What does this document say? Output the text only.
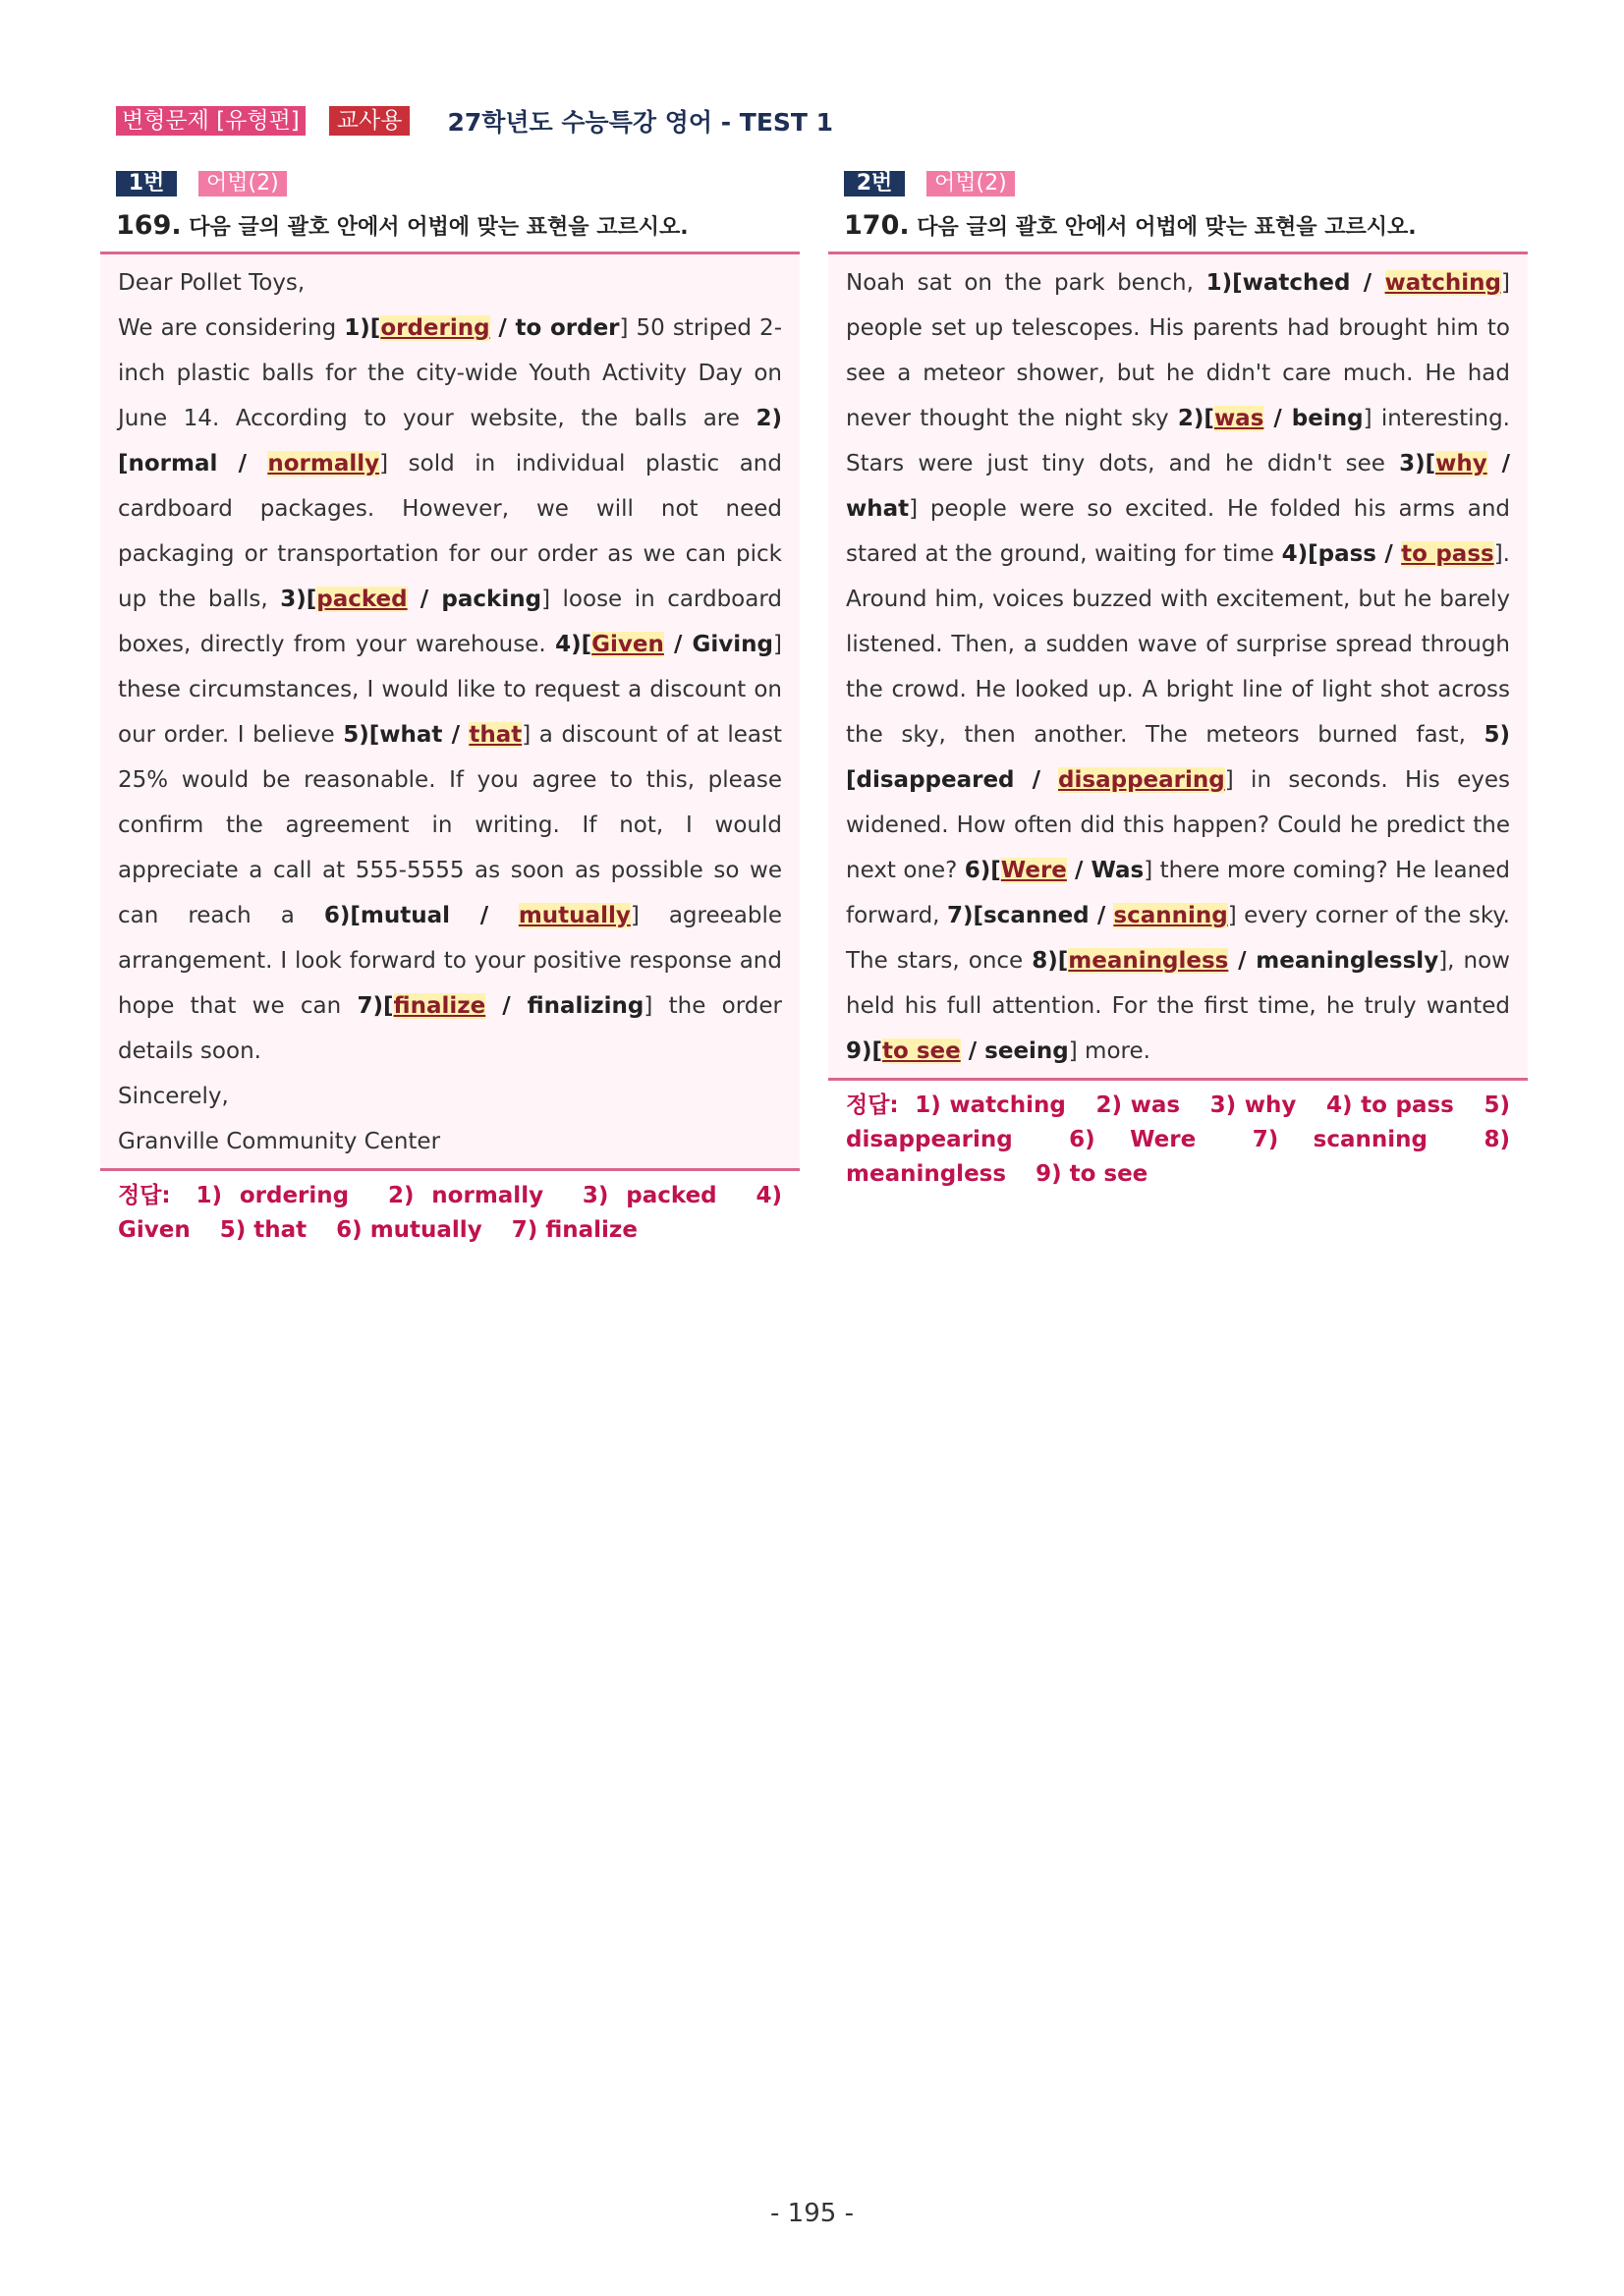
변형문제 [유형편]	교사용	27학년도 수능특강 영어 - TEST 1
1번	어법(2)
169. 다음 글의 괄호 안에서 어법에 맞는 표현을 고르시오.

Dear Pollet Toys,

We are considering 1)[ordering / to order] 50 striped 2-inch plastic balls for the city-wide Youth Activity Day on June 14. According to your website, the balls are 2)[normal / normally] sold in individual plastic and cardboard packages. However, we will not need packaging or transportation for our order as we can pick up the balls, 3)[packed / packing] loose in cardboard boxes, directly from your warehouse. 4)[Given / Giving] these circumstances, I would like to request a discount on our order. I believe 5)[what / that] a discount of at least 25% would be reasonable. If you agree to this, please confirm the agreement in writing. If not, I would appreciate a call at 555-5555 as soon as possible so we can reach a 6)[mutual / mutually] agreeable arrangement. I look forward to your positive response and hope that we can 7)[finalize / finalizing] the order details soon.

Sincerely,

Granville Community Center

정답: 1) ordering 2) normally 3) packed 4) Given 5) that 6) mutually 7) finalize
2번	어법(2)
170. 다음 글의 괄호 안에서 어법에 맞는 표현을 고르시오.

Noah sat on the park bench, 1)[watched / watching] people set up telescopes. His parents had brought him to see a meteor shower, but he didn't care much. He had never thought the night sky 2)[was / being] interesting. Stars were just tiny dots, and he didn't see 3)[why / what] people were so excited. He folded his arms and stared at the ground, waiting for time 4)[pass / to pass]. Around him, voices buzzed with excitement, but he barely listened. Then, a sudden wave of surprise spread through the crowd. He looked up. A bright line of light shot across the sky, then another. The meteors burned fast, 5)[disappeared / disappearing] in seconds. His eyes widened. How often did this happen? Could he predict the next one? 6)[Were / Was] there more coming? He leaned forward, 7)[scanned / scanning] every corner of the sky. The stars, once 8)[meaningless / meaninglessly], now held his full attention. For the first time, he truly wanted 9)[to see / seeing] more.

정답: 1) watching 2) was 3) why 4) to pass 5) disappearing 6) Were 7) scanning 8) meaningless 9) to see
- 195 -
